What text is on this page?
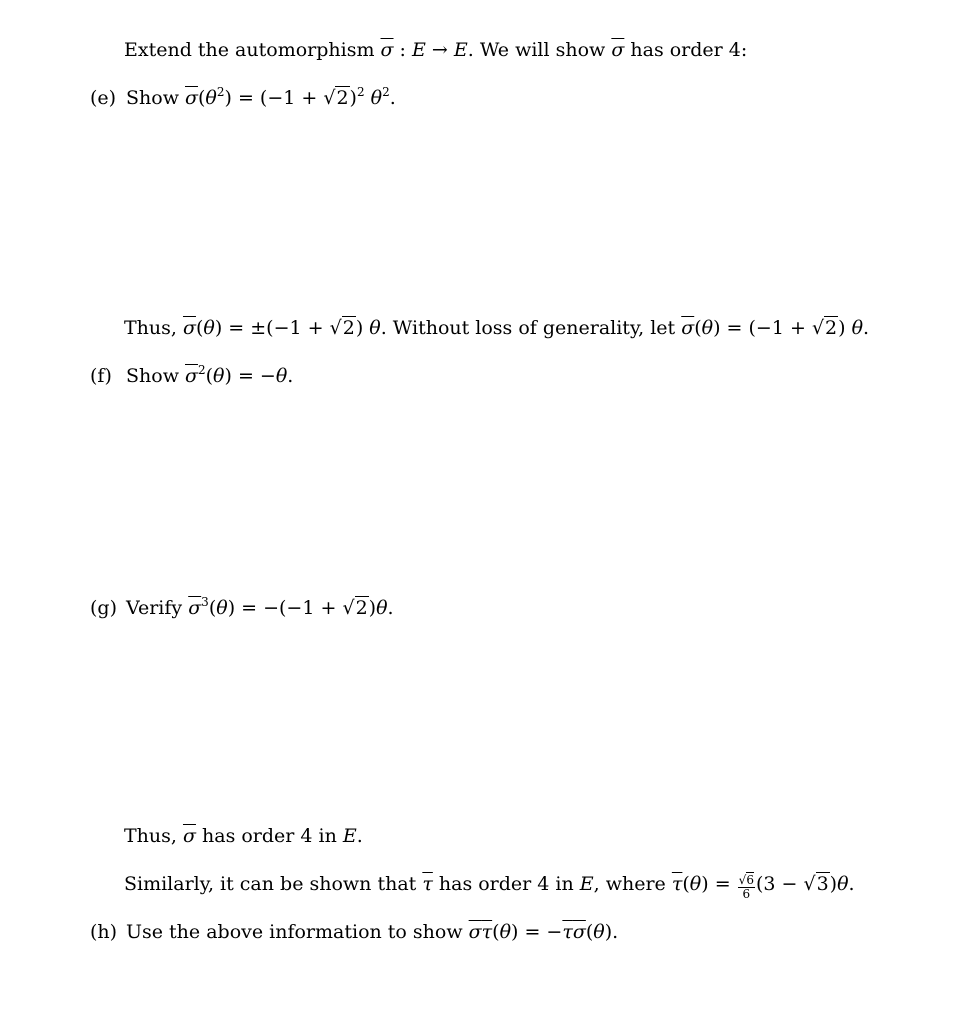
Extend the automorphism $\overline{\sigma}$ : E → E. We will show $\overline{\sigma}$ has order 4:
(e) Show $\overline{\sigma}(\theta^2) = (-1 + √2)^2$ $\theta^2$.
Thus, $\overline{\sigma}(\theta) = \pm(-1 + √2)$ θ. Without loss of generality, let $\overline{\sigma}(\theta) = (-1 + √2)$ θ.
(f) Show $\overline{\sigma}^2(\theta) = -\theta$.
(g) Verify $\overline{\sigma}^3(\theta) = -(-1 + √2)\theta$.
Thus, $\overline{\sigma}$ has order 4 in E.
Similarly, it can be shown that $\overline{\tau}$ has order 4 in E, where $\overline{\tau}(\theta) = \frac{√6}{6} (3 - √3)\theta$.
(h) Use the above information to show $\overline{\sigma}\overline{\tau}(\theta) = -\overline{\tau}\overline{\sigma}(\theta)$.
